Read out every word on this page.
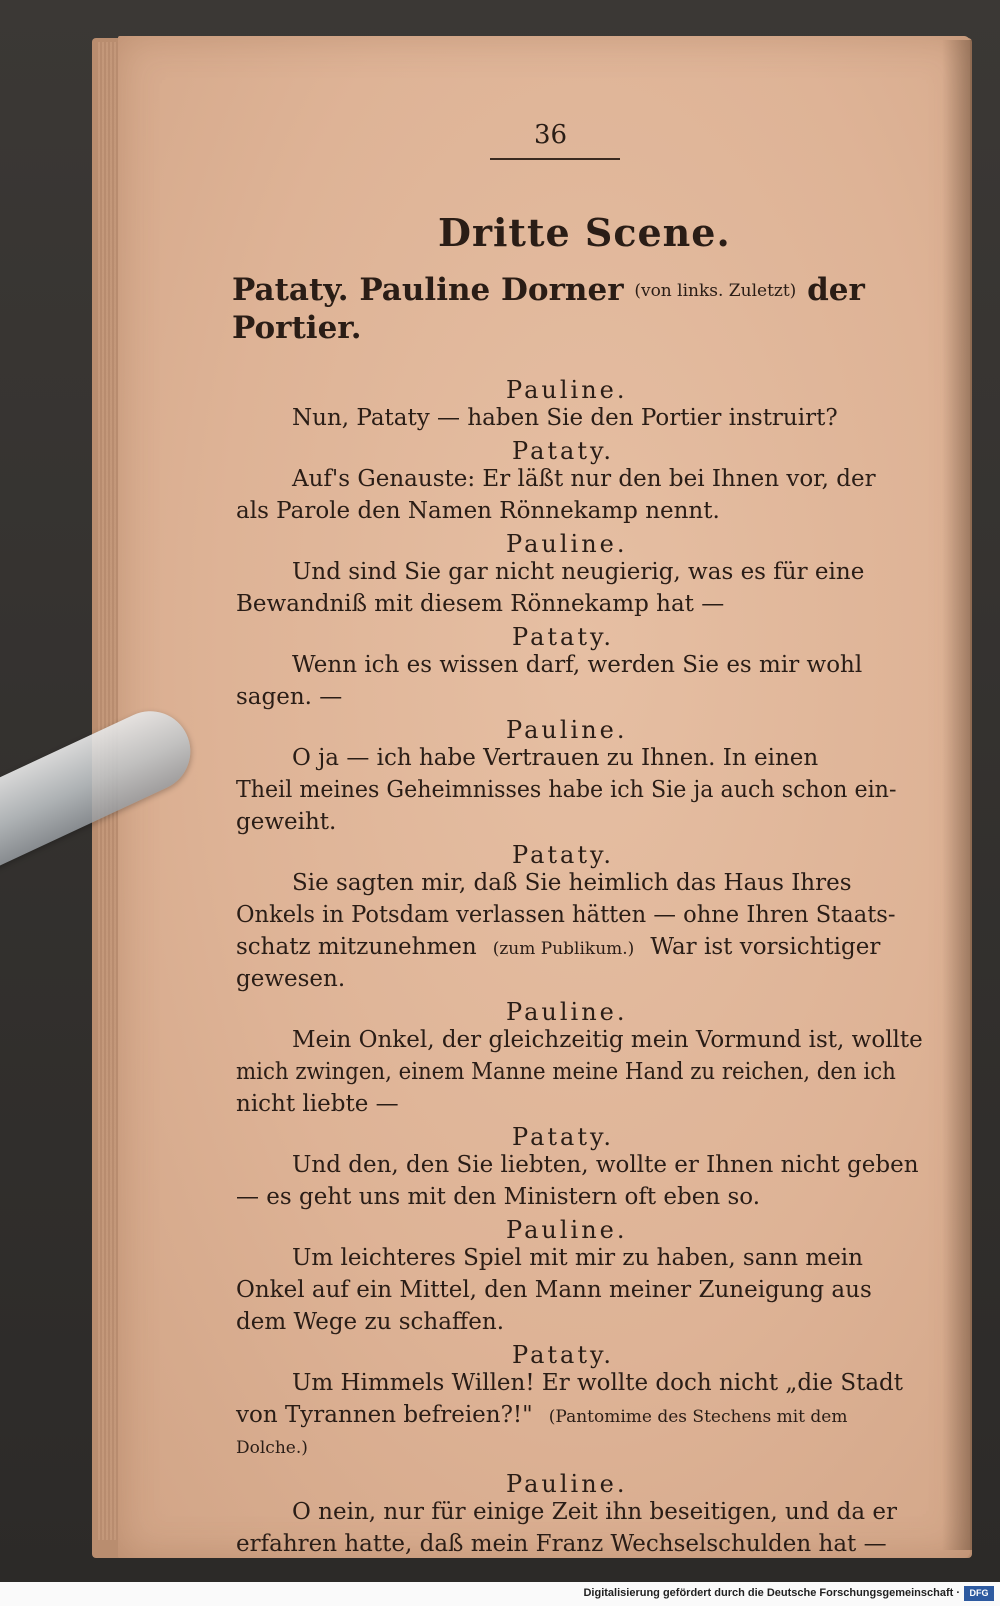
36
Dritte Scene.
Pataty. Pauline Dorner (von links. Zuletzt) der
Portier.
Pauline.
Nun, Pataty — haben Sie den Portier instruirt?
Pataty.
Auf's Genauste: Er läßt nur den bei Ihnen vor, der
als Parole den Namen Rönnekamp nennt.
Pauline.
Und sind Sie gar nicht neugierig, was es für eine
Bewandniß mit diesem Rönnekamp hat —
Pataty.
Wenn ich es wissen darf, werden Sie es mir wohl
sagen. —
Pauline.
O ja — ich habe Vertrauen zu Ihnen. In einen
Theil meines Geheimnisses habe ich Sie ja auch schon ein-
geweiht.
Pataty.
Sie sagten mir, daß Sie heimlich das Haus Ihres
Onkels in Potsdam verlassen hätten — ohne Ihren Staats-
schatz mitzunehmen (zum Publikum.) War ist vorsichtiger
gewesen.
Pauline.
Mein Onkel, der gleichzeitig mein Vormund ist, wollte
mich zwingen, einem Manne meine Hand zu reichen, den ich
nicht liebte —
Pataty.
Und den, den Sie liebten, wollte er Ihnen nicht geben
— es geht uns mit den Ministern oft eben so.
Pauline.
Um leichteres Spiel mit mir zu haben, sann mein
Onkel auf ein Mittel, den Mann meiner Zuneigung aus
dem Wege zu schaffen.
Pataty.
Um Himmels Willen! Er wollte doch nicht „die Stadt
von Tyrannen befreien?!" (Pantomime des Stechens mit dem
Dolche.)
Pauline.
O nein, nur für einige Zeit ihn beseitigen, und da er
erfahren hatte, daß mein Franz Wechselschulden hat —
Digitalisierung gefördert durch die Deutsche Forschungsgemeinschaft ·	DFG
